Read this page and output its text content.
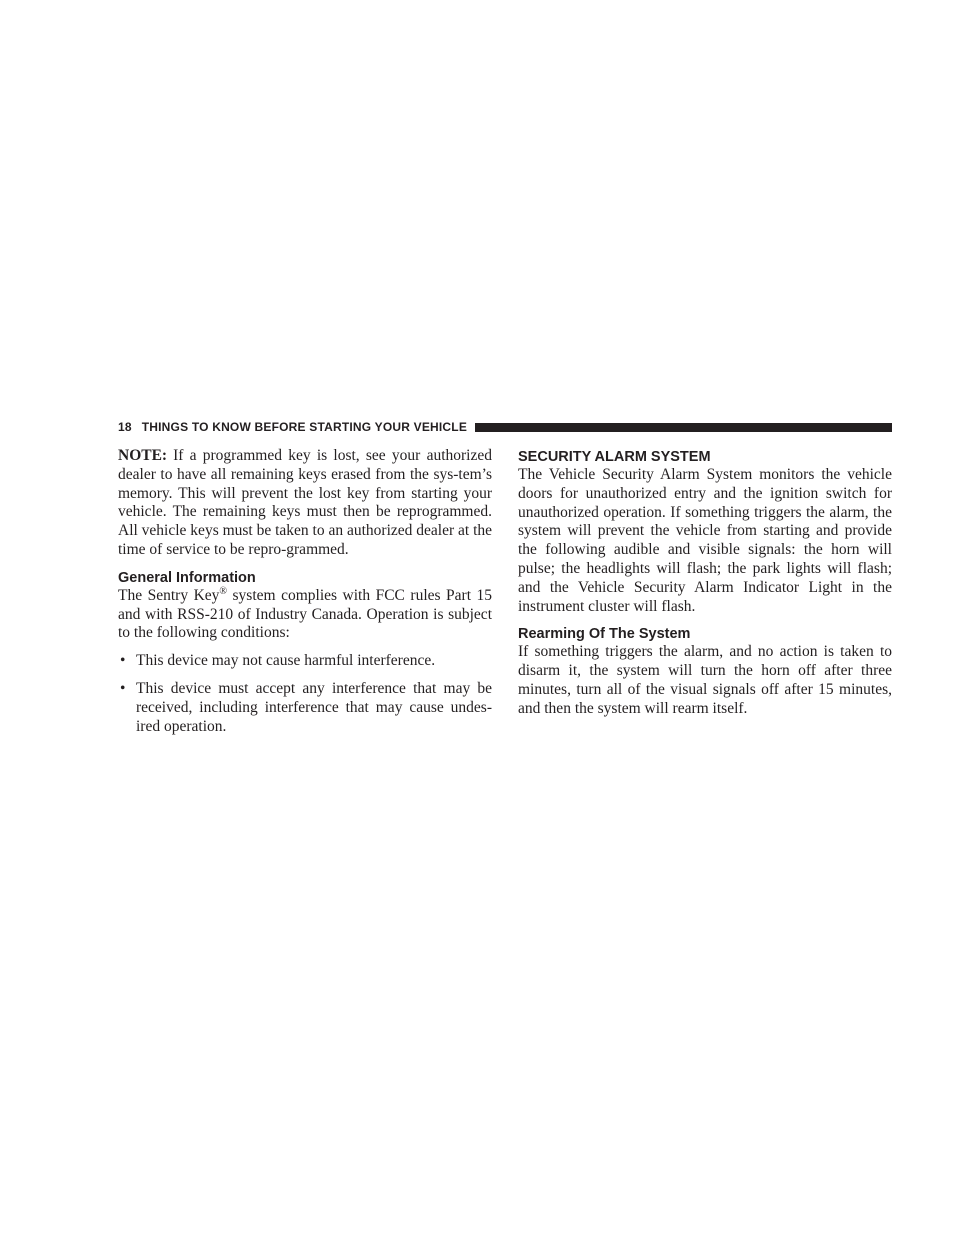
18 THINGS TO KNOW BEFORE STARTING YOUR VEHICLE

NOTE: If a programmed key is lost, see your authorized dealer to have all remaining keys erased from the sys-tem’s memory. This will prevent the lost key from starting your vehicle. The remaining keys must then be reprogrammed. All vehicle keys must be taken to an authorized dealer at the time of service to be repro-grammed.

General Information

The Sentry Key® system complies with FCC rules Part 15 and with RSS-210 of Industry Canada. Operation is subject to the following conditions:

• This device may not cause harmful interference.
• This device must accept any interference that may be received, including interference that may cause undes-ired operation.
SECURITY ALARM SYSTEM

The Vehicle Security Alarm System monitors the vehicle doors for unauthorized entry and the ignition switch for unauthorized operation. If something triggers the alarm, the system will prevent the vehicle from starting and provide the following audible and visible signals: the horn will pulse; the headlights will flash; the park lights will flash; and the Vehicle Security Alarm Indicator Light in the instrument cluster will flash.

Rearming Of The System

If something triggers the alarm, and no action is taken to disarm it, the system will turn the horn off after three minutes, turn all of the visual signals off after 15 minutes, and then the system will rearm itself.
